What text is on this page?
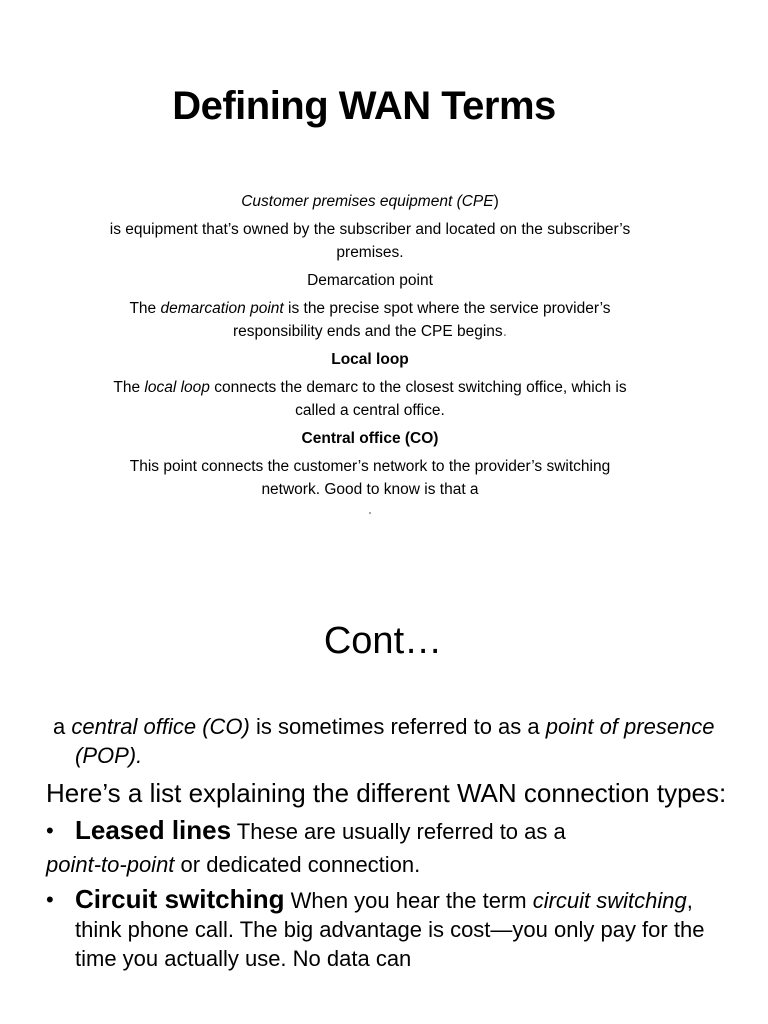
Defining WAN Terms

Customer premises equipment (CPE)

is equipment that’s owned by the subscriber and located on the subscriber’s premises.

Demarcation point

The demarcation point is the precise spot where the service provider’s responsibility ends and the CPE begins.

Local loop

The local loop connects the demarc to the closest switching office, which is called a central office.

Central office (CO)

This point connects the customer’s network to the provider’s switching network. Good to know is that a

Cont…

a central office (CO) is sometimes referred to as a point of presence (POP).

Here’s a list explaining the different WAN connection types:

• Leased lines These are usually referred to as a

point-to-point or dedicated connection.

• Circuit switching When you hear the term circuit switching, think phone call. The big advantage is cost—you only pay for the time you actually use. No data can
